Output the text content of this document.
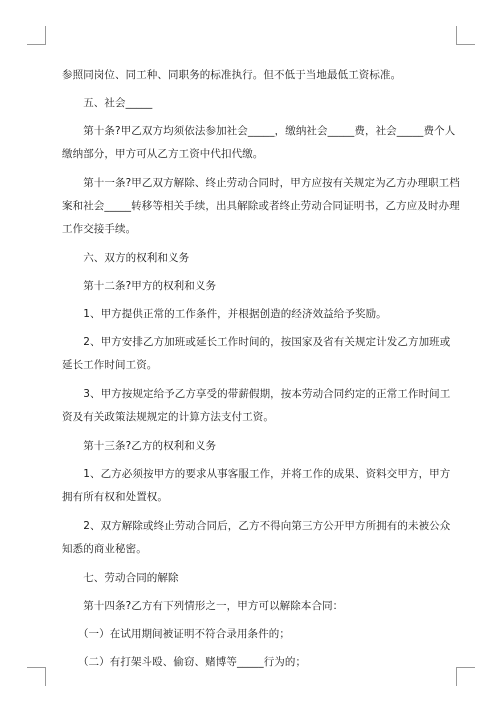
参照同岗位、同工种、同职务的标准执行。但不低于当地最低工资标准。
　　五、社会_____
　　第十条?甲乙双方均须依法参加社会_____，缴纳社会_____费，社会_____费个人
缴纳部分，甲方可从乙方工资中代扣代缴。
　　第十一条?甲乙双方解除、终止劳动合同时，甲方应按有关规定为乙方办理职工档
案和社会_____转移等相关手续，出具解除或者终止劳动合同证明书，乙方应及时办理
工作交接手续。
　　六、双方的权利和义务
　　第十二条?甲方的权利和义务
　　1、甲方提供正常的工作条件，并根据创造的经济效益给予奖励。
　　2、甲方安排乙方加班或延长工作时间的，按国家及省有关规定计发乙方加班或
延长工作时间工资。
　　3、甲方按规定给予乙方享受的带薪假期，按本劳动合同约定的正常工作时间工
资及有关政策法规规定的计算方法支付工资。
　　第十三条?乙方的权利和义务
　　1、乙方必须按甲方的要求从事客服工作，并将工作的成果、资料交甲方，甲方
拥有所有权和处置权。
　　2、双方解除或终止劳动合同后，乙方不得向第三方公开甲方所拥有的未被公众
知悉的商业秘密。
　　七、劳动合同的解除
　　第十四条?乙方有下列情形之一，甲方可以解除本合同：
　　（一）在试用期间被证明不符合录用条件的；
　　（二）有打架斗殴、偷窃、赌博等_____行为的；
